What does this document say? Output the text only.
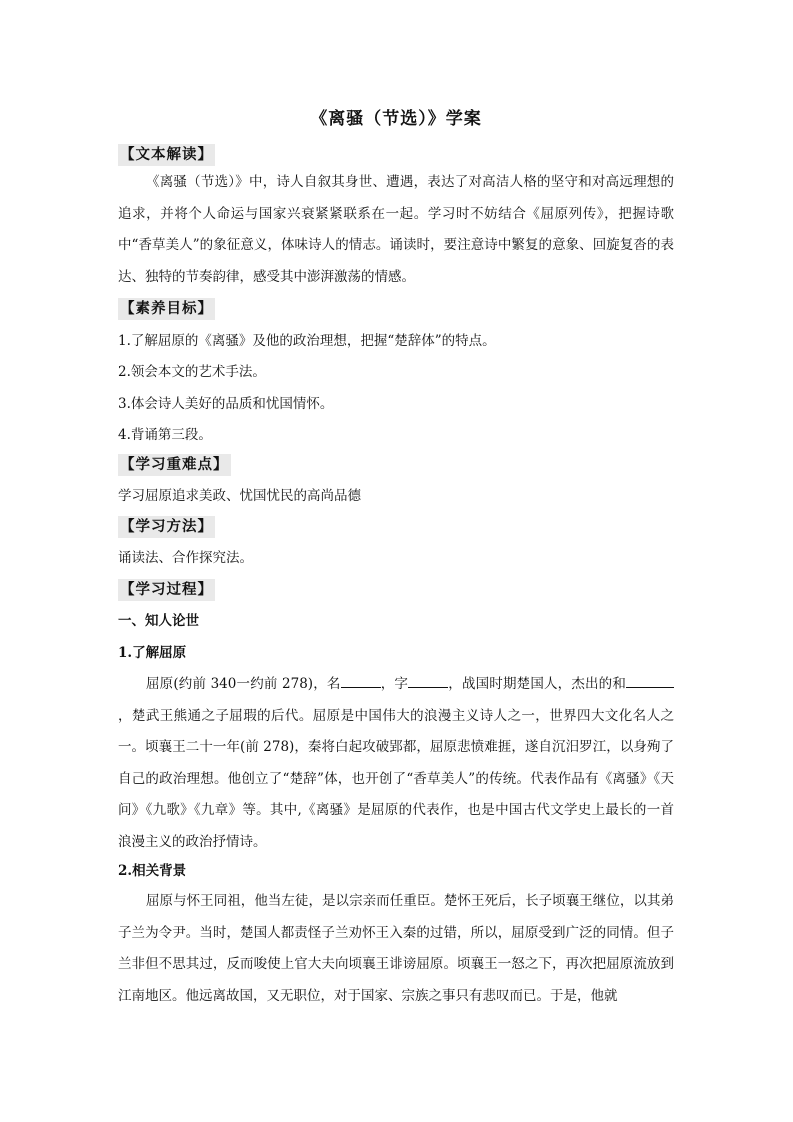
《离骚（节选）》学案
【文本解读】
《离骚（节选）》中，诗人自叙其身世、遭遇，表达了对高洁人格的坚守和对高远理想的追求，并将个人命运与国家兴衰紧紧联系在一起。学习时不妨结合《屈原列传》，把握诗歌中“香草美人”的象征意义，体味诗人的情志。诵读时，要注意诗中繁复的意象、回旋复沓的表达、独特的节奏韵律，感受其中澎湃激荡的情感。
【素养目标】
1.了解屈原的《离骚》及他的政治理想，把握“楚辞体”的特点。
2.领会本文的艺术手法。
3.体会诗人美好的品质和忧国情怀。
4.背诵第三段。
【学习重难点】
学习屈原追求美政、忧国忧民的高尚品德
【学习方法】
诵读法、合作探究法。
【学习过程】
一、知人论世
1.了解屈原
屈原(约前 340一约前 278)，名	，字	，战国时期楚国人，杰出的和，楚武王熊通之子屈瑕的后代。屈原是中国伟大的浪漫主义诗人之一，世界四大文化名人之一。顷襄王二十一年(前 278)，秦将白起攻破郢都，屈原悲愤难捱，遂自沉汨罗江，以身殉了自己的政治理想。他创立了“楚辞”体，也开创了“香草美人”的传统。代表作品有《离骚》《天问》《九歌》《九章》等。其中,《离骚》是屈原的代表作，也是中国古代文学史上最长的一首浪漫主义的政治抒情诗。
2.相关背景
屈原与怀王同祖，他当左徒，是以宗亲而任重臣。楚怀王死后，长子顷襄王继位，以其弟子兰为令尹。当时，楚国人都责怪子兰劝怀王入秦的过错，所以，屈原受到广泛的同情。但子兰非但不思其过，反而唆使上官大夫向顷襄王诽谤屈原。顷襄王一怒之下，再次把屈原流放到江南地区。他远离故国，又无职位，对于国家、宗族之事只有悲叹而已。于是，他就
